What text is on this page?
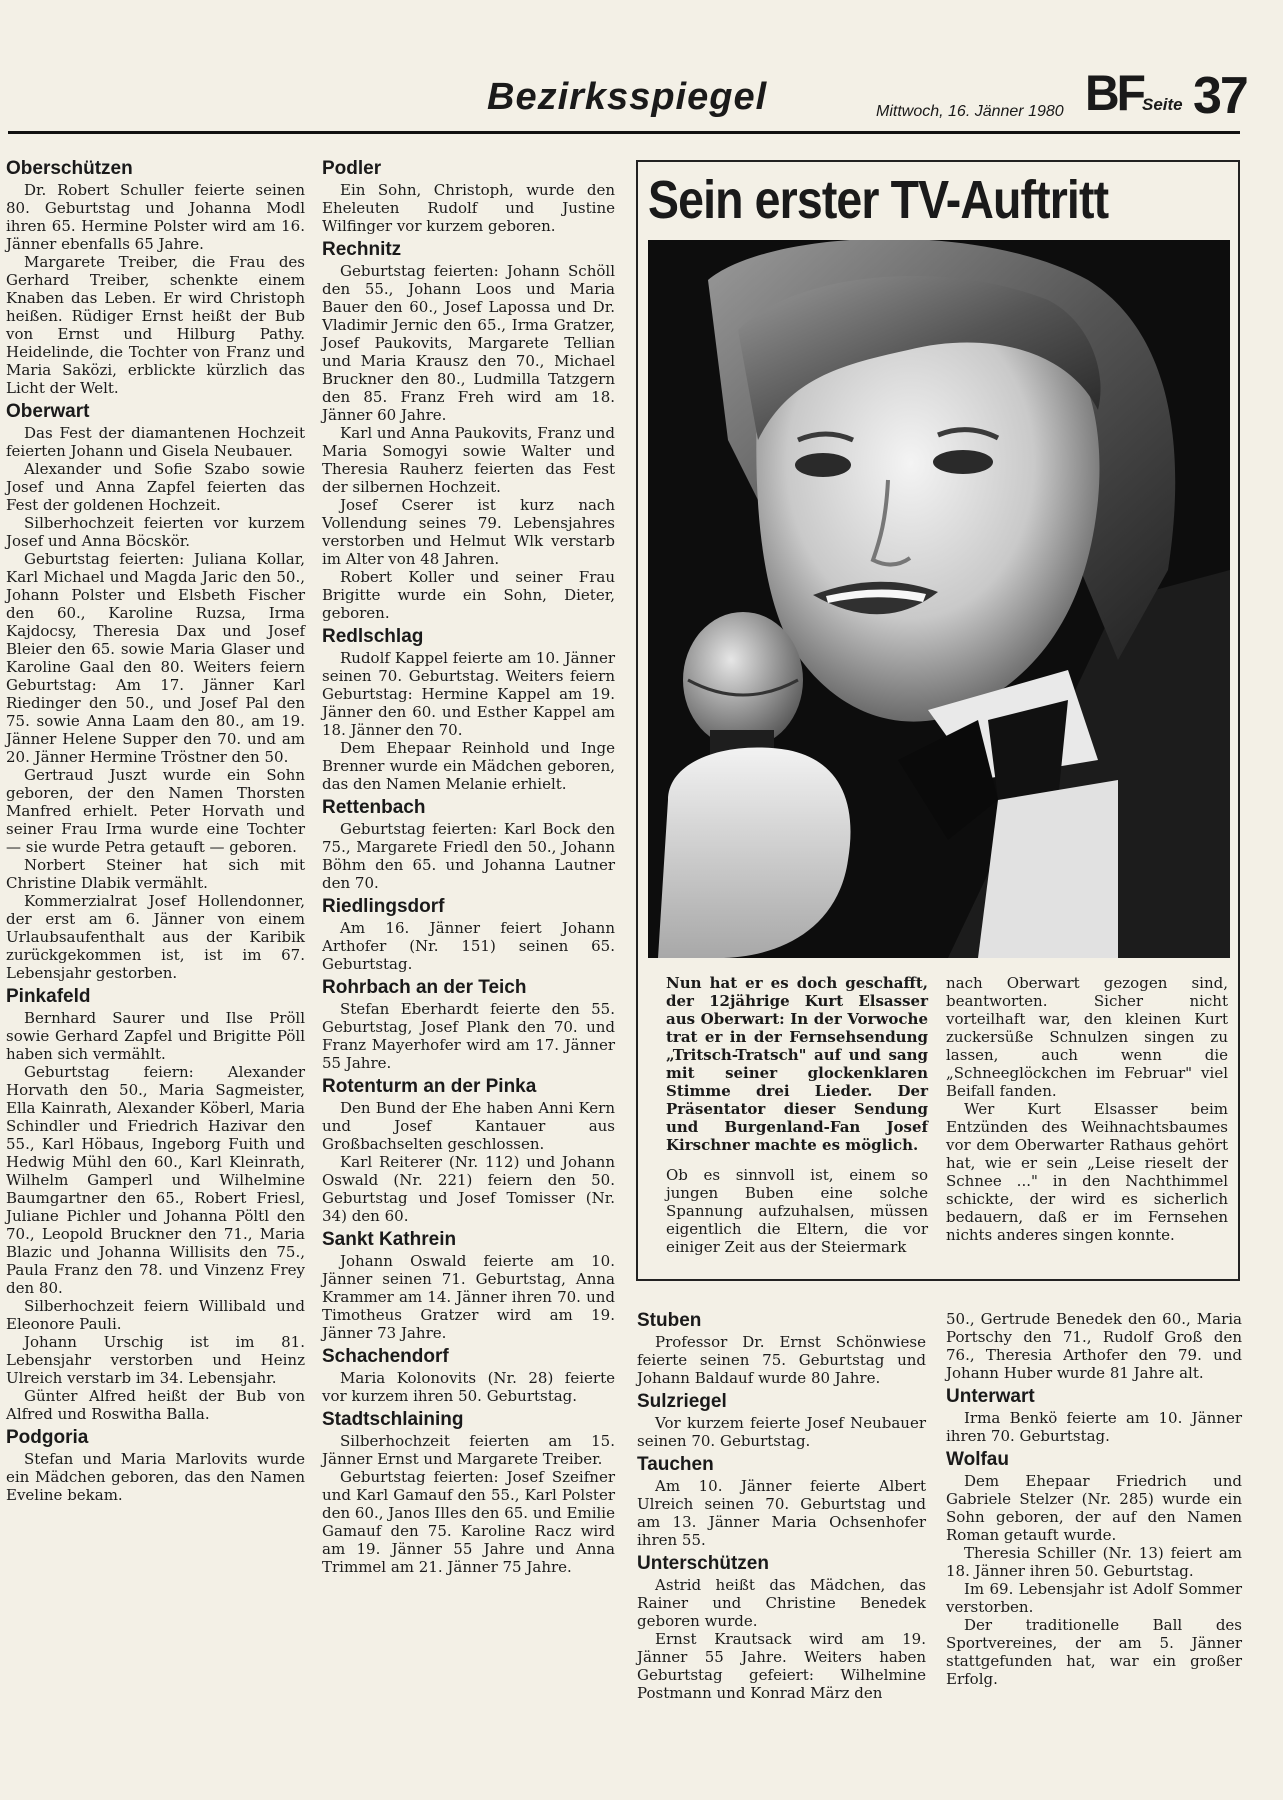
Bezirksspiegel	Mittwoch, 16. Jänner 1980 BF Seite 37
Oberschützen

Dr. Robert Schuller feierte seinen 80. Geburtstag und Johanna Modl ihren 65. Hermine Polster wird am 16. Jänner ebenfalls 65 Jahre.

Margarete Treiber, die Frau des Gerhard Treiber, schenkte einem Knaben das Leben. Er wird Christoph heißen. Rüdiger Ernst heißt der Bub von Ernst und Hilburg Pathy. Heidelinde, die Tochter von Franz und Maria Saközi, erblickte kürzlich das Licht der Welt.

Oberwart

Das Fest der diamantenen Hochzeit feierten Johann und Gisela Neubauer.

Alexander und Sofie Szabo sowie Josef und Anna Zapfel feierten das Fest der goldenen Hochzeit.

Silberhochzeit feierten vor kurzem Josef und Anna Böcskör.

Geburtstag feierten: Juliana Kollar, Karl Michael und Magda Jaric den 50., Johann Polster und Elsbeth Fischer den 60., Karoline Ruzsa, Irma Kajdocsy, Theresia Dax und Josef Bleier den 65. sowie Maria Glaser und Karoline Gaal den 80. Weiters feiern Geburtstag: Am 17. Jänner Karl Riedinger den 50., und Josef Pal den 75. sowie Anna Laam den 80., am 19. Jänner Helene Supper den 70. und am 20. Jänner Hermine Tröstner den 50.

Gertraud Juszt wurde ein Sohn geboren, der den Namen Thorsten Manfred erhielt. Peter Horvath und seiner Frau Irma wurde eine Tochter — sie wurde Petra getauft — geboren.

Norbert Steiner hat sich mit Christine Dlabik vermählt.

Kommerzialrat Josef Hollendonner, der erst am 6. Jänner von einem Urlaubsaufenthalt aus der Karibik zurückgekommen ist, ist im 67. Lebensjahr gestorben.

Pinkafeld

Bernhard Saurer und Ilse Pröll sowie Gerhard Zapfel und Brigitte Pöll haben sich vermählt.

Geburtstag feiern: Alexander Horvath den 50., Maria Sagmeister, Ella Kainrath, Alexander Köberl, Maria Schindler und Friedrich Hazivar den 55., Karl Höbaus, Ingeborg Fuith und Hedwig Mühl den 60., Karl Kleinrath, Wilhelm Gamperl und Wilhelmine Baumgartner den 65., Robert Friesl, Juliane Pichler und Johanna Pöltl den 70., Leopold Bruckner den 71., Maria Blazic und Johanna Willisits den 75., Paula Franz den 78. und Vinzenz Frey den 80.

Silberhochzeit feiern Willibald und Eleonore Pauli.

Johann Urschig ist im 81. Lebensjahr verstorben und Heinz Ulreich verstarb im 34. Lebensjahr.

Günter Alfred heißt der Bub von Alfred und Roswitha Balla.

Podgoria

Stefan und Maria Marlovits wurde ein Mädchen geboren, das den Namen Eveline bekam.

Podler

Ein Sohn, Christoph, wurde den Eheleuten Rudolf und Justine Wilfinger vor kurzem geboren.

Rechnitz

Geburtstag feierten: Johann Schöll den 55., Johann Loos und Maria Bauer den 60., Josef Lapossa und Dr. Vladimir Jernic den 65., Irma Gratzer, Josef Paukovits, Margarete Tellian und Maria Krausz den 70., Michael Bruckner den 80., Ludmilla Tatzgern den 85. Franz Freh wird am 18. Jänner 60 Jahre.

Karl und Anna Paukovits, Franz und Maria Somogyi sowie Walter und Theresia Rauherz feierten das Fest der silbernen Hochzeit.

Josef Cserer ist kurz nach Vollendung seines 79. Lebensjahres verstorben und Helmut Wlk verstarb im Alter von 48 Jahren.

Robert Koller und seiner Frau Brigitte wurde ein Sohn, Dieter, geboren.

Redlschlag

Rudolf Kappel feierte am 10. Jänner seinen 70. Geburtstag. Weiters feiern Geburtstag: Hermine Kappel am 19. Jänner den 60. und Esther Kappel am 18. Jänner den 70.

Dem Ehepaar Reinhold und Inge Brenner wurde ein Mädchen geboren, das den Namen Melanie erhielt.

Rettenbach

Geburtstag feierten: Karl Bock den 75., Margarete Friedl den 50., Johann Böhm den 65. und Johanna Lautner den 70.

Riedlingsdorf

Am 16. Jänner feiert Johann Arthofer (Nr. 151) seinen 65. Geburtstag.

Rohrbach an der Teich

Stefan Eberhardt feierte den 55. Geburtstag, Josef Plank den 70. und Franz Mayerhofer wird am 17. Jänner 55 Jahre.

Rotenturm an der Pinka

Den Bund der Ehe haben Anni Kern und Josef Kantauer aus Großbachselten geschlossen.

Karl Reiterer (Nr. 112) und Johann Oswald (Nr. 221) feiern den 50. Geburtstag und Josef Tomisser (Nr. 34) den 60.

Sankt Kathrein

Johann Oswald feierte am 10. Jänner seinen 71. Geburtstag, Anna Krammer am 14. Jänner ihren 70. und Timotheus Gratzer wird am 19. Jänner 73 Jahre.

Schachendorf

Maria Kolonovits (Nr. 28) feierte vor kurzem ihren 50. Geburtstag.

Stadtschlaining

Silberhochzeit feierten am 15. Jänner Ernst und Margarete Treiber.

Geburtstag feierten: Josef Szeifner und Karl Gamauf den 55., Karl Polster den 60., Janos Illes den 65. und Emilie Gamauf den 75. Karoline Racz wird am 19. Jänner 55 Jahre und Anna Trimmel am 21. Jänner 75 Jahre.

Sein erster TV-Auftritt

Nun hat er es doch geschafft, der 12jährige Kurt Elsasser aus Oberwart: In der Vorwoche trat er in der Fernsehsendung „Tritsch-Tratsch" auf und sang mit seiner glockenklaren Stimme drei Lieder. Der Präsentator dieser Sendung und Burgenland-Fan Josef Kirschner machte es möglich.

Ob es sinnvoll ist, einem so jungen Buben eine solche Spannung aufzuhalsen, müssen eigentlich die Eltern, die vor einiger Zeit aus der Steiermark

nach Oberwart gezogen sind, beantworten. Sicher nicht vorteilhaft war, den kleinen Kurt zuckersüße Schnulzen singen zu lassen, auch wenn die „Schneeglöckchen im Februar" viel Beifall fanden.

Wer Kurt Elsasser beim Entzünden des Weihnachtsbaumes vor dem Oberwarter Rathaus gehört hat, wie er sein „Leise rieselt der Schnee ..." in den Nachthimmel schickte, der wird es sicherlich bedauern, daß er im Fernsehen nichts anderes singen konnte.

Stuben

Professor Dr. Ernst Schönwiese feierte seinen 75. Geburtstag und Johann Baldauf wurde 80 Jahre.

Sulzriegel

Vor kurzem feierte Josef Neubauer seinen 70. Geburtstag.

Tauchen

Am 10. Jänner feierte Albert Ulreich seinen 70. Geburtstag und am 13. Jänner Maria Ochsenhofer ihren 55.

Unterschützen

Astrid heißt das Mädchen, das Rainer und Christine Benedek geboren wurde.

Ernst Krautsack wird am 19. Jänner 55 Jahre. Weiters haben Geburtstag gefeiert: Wilhelmine Postmann und Konrad März den

50., Gertrude Benedek den 60., Maria Portschy den 71., Rudolf Groß den 76., Theresia Arthofer den 79. und Johann Huber wurde 81 Jahre alt.

Unterwart

Irma Benkö feierte am 10. Jänner ihren 70. Geburtstag.

Wolfau

Dem Ehepaar Friedrich und Gabriele Stelzer (Nr. 285) wurde ein Sohn geboren, der auf den Namen Roman getauft wurde.

Theresia Schiller (Nr. 13) feiert am 18. Jänner ihren 50. Geburtstag.

Im 69. Lebensjahr ist Adolf Sommer verstorben.

Der traditionelle Ball des Sportvereines, der am 5. Jänner stattgefunden hat, war ein großer Erfolg.
